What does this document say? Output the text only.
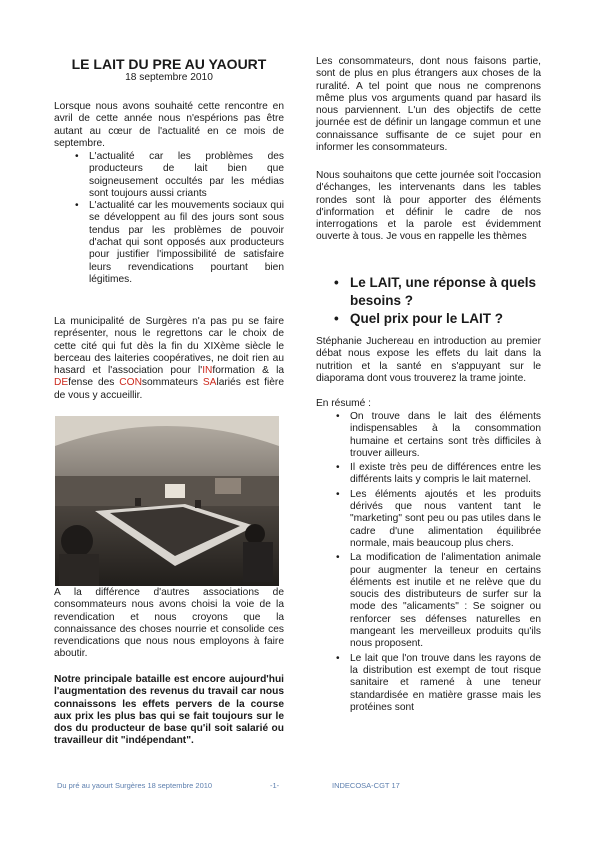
LE LAIT DU PRE AU YAOURT

18 septembre 2010

Lorsque nous avons souhaité cette rencontre en avril de cette année nous n'espérions pas être autant au cœur de l'actualité en ce mois de septembre.

• L'actualité car les problèmes des producteurs de lait bien que soigneusement occultés par les médias sont toujours aussi criants
• L'actualité car les mouvements sociaux qui se développent au fil des jours sont sous tendus par les problèmes de pouvoir d'achat qui sont opposés aux producteurs pour justifier l'impossibilité de satisfaire leurs revendications pourtant bien légitimes.

La municipalité de Surgères n'a pas pu se faire représenter, nous le regrettons car le choix de cette cité qui fut dès la fin du XIXème siècle le berceau des laiteries coopératives, ne doit rien au hasard et l'association pour l'INformation & la DEfense des CONsommateurs SAlariés est fière de vous y accueillir.

A la différence d'autres associations de consommateurs nous avons choisi la voie de la revendication et nous croyons que la connaissance des choses nourrie et consolide ces revendications que nous nous employons à faire aboutir.

Notre principale bataille est encore aujourd'hui l'augmentation des revenus du travail car nous connaissons les effets pervers de la course aux prix les plus bas qui se fait toujours sur le dos du producteur de base qu'il soit salarié ou travailleur dit "indépendant".

Les consommateurs, dont nous faisons partie, sont de plus en plus étrangers aux choses de la ruralité. A tel point que nous ne comprenons même plus vos arguments quand par hasard ils nous parviennent. L'un des objectifs de cette journée est de définir un langage commun et une connaissance suffisante de ce sujet pour en informer les consommateurs.

Nous souhaitons que cette journée soit l'occasion d'échanges, les intervenants dans les tables rondes sont là pour apporter des éléments d'information et définir le cadre de nos interrogations et la parole est évidemment ouverte à tous. Je vous en rappelle les thèmes

• Le LAIT, une réponse à quels besoins ?
• Quel prix pour le LAIT ?

Stéphanie Juchereau en introduction au premier débat nous expose les effets du lait dans la nutrition et la santé en s'appuyant sur le diaporama dont vous trouverez la trame jointe.

En résumé :

• On trouve dans le lait des éléments indispensables à la consommation humaine et certains sont très difficiles à trouver ailleurs.
• Il existe très peu de différences entre les différents laits y compris le lait maternel.
• Les éléments ajoutés et les produits dérivés que nous vantent tant le "marketing" sont peu ou pas utiles dans le cadre d'une alimentation équilibrée normale, mais beaucoup plus chers.
• La modification de l'alimentation animale pour augmenter la teneur en certains éléments est inutile et ne relève que du soucis des distributeurs de surfer sur la mode des "alicaments" : Se soigner ou renforcer ses défenses naturelles en mangeant les merveilleux produits qu'ils nous proposent.
• Le lait que l'on trouve dans les rayons de la distribution est exempt de tout risque sanitaire et ramené à une teneur standardisée en matière grasse mais les protéines sont
Du pré au yaourt Surgères 18 septembre 2010	-1-	INDECOSA-CGT 17
